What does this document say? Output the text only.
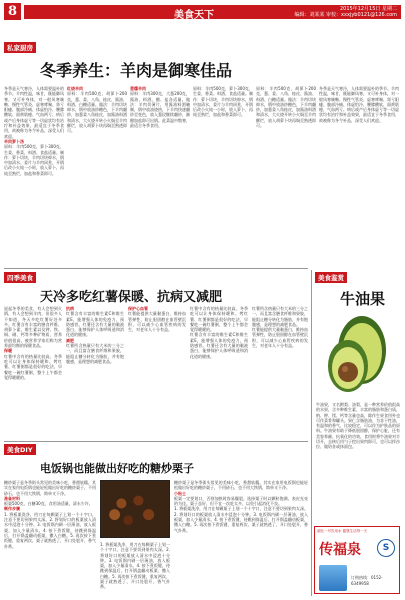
8	美食天下
2015年12月15日 星期二
编辑：刘某某 审校：xxxjyb0121@126.com
私家厨房
冬季养生：羊肉是御寒佳品
冬季是天气寒冷，人体需要温补的季节。羊肉性温，味甘，既能御风寒，又可补身体，对一般风寒咳嗽、慢性气管炎、虚寒哮喘、肾亏阳痿、腹部冷痛、体虚怕冷、腰膝酸软、面黄肌瘦、气血两亏、病后或产后身体虚亏等一切虚状均有治疗和补益效果，最适宜于冬季食用，故被称为冬令补品，深受人们欢迎。
羊肉萝卜汤
原料：羊肉500克，萝卜300克，生姜、香菜、料酒、食盐适量。制作：萝卜切块，羊肉切块焯水，锅中加清水、姜片与羊肉同煮，开锅后改小火炖一小时，放入萝卜，再炖至熟烂，加盐和香菜即可。
红烧羊肉
原料：羊肉500克，胡萝卜200克，葱、姜、八角、桂皮、酱油、料酒、白糖适量。做法：羊肉切块焯水，锅中放油炒糖色，下羊肉翻炒，加葱姜八角桂皮，加酱油料酒和清水，大火烧开转小火焖至羊肉酥烂，放入胡萝卜块再焖至熟透即可。
葱爆羊肉
原料：羊肉300克，大葱200克，酱油、料酒、醋、盐各适量。做法：羊肉切薄片，用酱油料酒腌制，锅中放油烧热，下羊肉快速翻炒至变色，放入葱段继续翻炒，淋醋加盐即可出锅。此菜温中散寒，最适合冬季食用。
原料：羊肉500克，萝卜300克，生姜、香菜、料酒、食盐适量。制作：萝卜切块，羊肉切块焯水，锅中加清水、姜片与羊肉同煮，开锅后改小火炖一小时，放入萝卜，再炖至熟烂，加盐和香菜即可。
原料：羊肉500克，胡萝卜200克，葱、姜、八角、桂皮、酱油、料酒、白糖适量。做法：羊肉切块焯水，锅中放油炒糖色，下羊肉翻炒，加葱姜八角桂皮，加酱油料酒和清水，大火烧开转小火焖至羊肉酥烂，放入胡萝卜块再焖至熟透即可。
冬季是天气寒冷，人体需要温补的季节。羊肉性温，味甘，既能御风寒，又可补身体，对一般风寒咳嗽、慢性气管炎、虚寒哮喘、肾亏阳痿、腹部冷痛、体虚怕冷、腰膝酸软、面黄肌瘦、气血两亏、病后或产后身体虚亏等一切虚状均有治疗和补益效果，最适宜于冬季食用，故被称为冬令补品，深受人们欢迎。
四季美食
天冷多吃红薯保暖、抗病又减肥
说起冬季的美食，有人会想到火锅，有人会想到羊肉，但很多人不知道，冬天多吃红薯好处多多。红薯含有丰富的膳食纤维、胡萝卜素、维生素以及钾、铁、铜、硒、钙等多种矿物质，营养价值很高，被营养学家们称为营养最均衡的保健食品。
保暖
红薯中含有的热量比较高，冬季吃可以让身体保持暖和。烤红薯、红薯粥都是很好的吃法，早餐吃一碗红薯粥，整个上午都会觉得暖暖的。
抗病
红薯含有丰富的维生素C和维生素E，能增强人体的免疫力，预防感冒。红薯还含有大量的黏液蛋白，能够保护人体呼吸道和消化道的健康。
减肥
红薯所含热量只有大米的三分之一，而且富含膳食纤维和果胶，能阻止糖分转化为脂肪，并有饱腹感，是理想的减肥食品。
保护心血管
红薯能提供大量黏蛋白，维持血管弹性，防止胆固醇在血管壁沉积，可以减少心血管疾病的发生，对老年人十分有益。
红薯中含有的热量比较高，冬季吃可以让身体保持暖和。烤红薯、红薯粥都是很好的吃法，早餐吃一碗红薯粥，整个上午都会觉得暖暖的。
红薯含有丰富的维生素C和维生素E，能增强人体的免疫力，预防感冒。红薯还含有大量的黏液蛋白，能够保护人体呼吸道和消化道的健康。
红薯所含热量只有大米的三分之一，而且富含膳食纤维和果胶，能阻止糖分转化为脂肪，并有饱腹感，是理想的减肥食品。
红薯能提供大量黏蛋白，维持血管弹性，防止胆固醇在血管壁沉积，可以减少心血管疾病的发生，对老年人十分有益。
美食鉴赏
牛油果
牛油果，又名鳄梨、油梨，是一种营养价值很高的水果，含多种维生素、丰富的脂肪和蛋白质，钠、钾、镁、钙等含量也高，除作生果食用外也可作菜肴和罐头。果仁含脂肪油，为非干性油，有温和的香气，比较稳定，可以作为护肤品的原料。牛油果有助于降低胆固醇，保护心脏，还有美容养颜、抗氧化的功效。食用时将牛油果对半切开，去核后用勺子挖出果肉即可，也可以拌沙拉、做奶昔或抹面包。
湖北一号饮用水 健康生活每一天
传福泉	S
订购热线：0152-6349958
美食DIY
电饭锅也能做出好吃的糖炒栗子
糖炒栗子是冬季街头常见的美味小吃，香甜软糯。其实在家用电饭锅也能轻松做出好吃的糖炒栗子，不用砂石，也不用大铁锅，简单又干净。
准备材料
板栗500克，白糖30克，食用油适量，清水少许。
制作步骤
1. 将板栗洗净，用刀在每颗栗子上划一个十字口，注意不要切到果肉太深。2. 将划好口的板栗放入清水中浸泡十分钟。3. 电饭锅内刷一层薄油，放入板栗，加入少量清水。4. 按下煮饭键，待跳到保温后，打开锅盖翻动板栗，撒入白糖。5. 再次按下煮饭键，重复两次，栗子就熟透了，开口处裂开，香气扑鼻。	1. 将板栗洗净，用刀在每颗栗子上划一个十字口，注意不要切到果肉太深。2. 将划好口的板栗放入清水中浸泡十分钟。3. 电饭锅内刷一层薄油，放入板栗，加入少量清水。4. 按下煮饭键，待跳到保温后，打开锅盖翻动板栗，撒入白糖。5. 再次按下煮饭键，重复两次，栗子就熟透了，开口处裂开，香气扑鼻。
糖炒栗子是冬季街头常见的美味小吃，香甜软糯。其实在家用电饭锅也能轻松做出好吃的糖炒栗子，不用砂石，也不用大铁锅，简单又干净。
小贴士
板栗一定要划口，否则加热时容易爆裂。选择栗子时以颗粒饱满、表皮光亮的为佳。栗子虽好，但不宜一次吃太多，以免引起消化不良。
1. 将板栗洗净，用刀在每颗栗子上划一个十字口，注意不要切到果肉太深。2. 将划好口的板栗放入清水中浸泡十分钟。3. 电饭锅内刷一层薄油，放入板栗，加入少量清水。4. 按下煮饭键，待跳到保温后，打开锅盖翻动板栗，撒入白糖。5. 再次按下煮饭键，重复两次，栗子就熟透了，开口处裂开，香气扑鼻。
